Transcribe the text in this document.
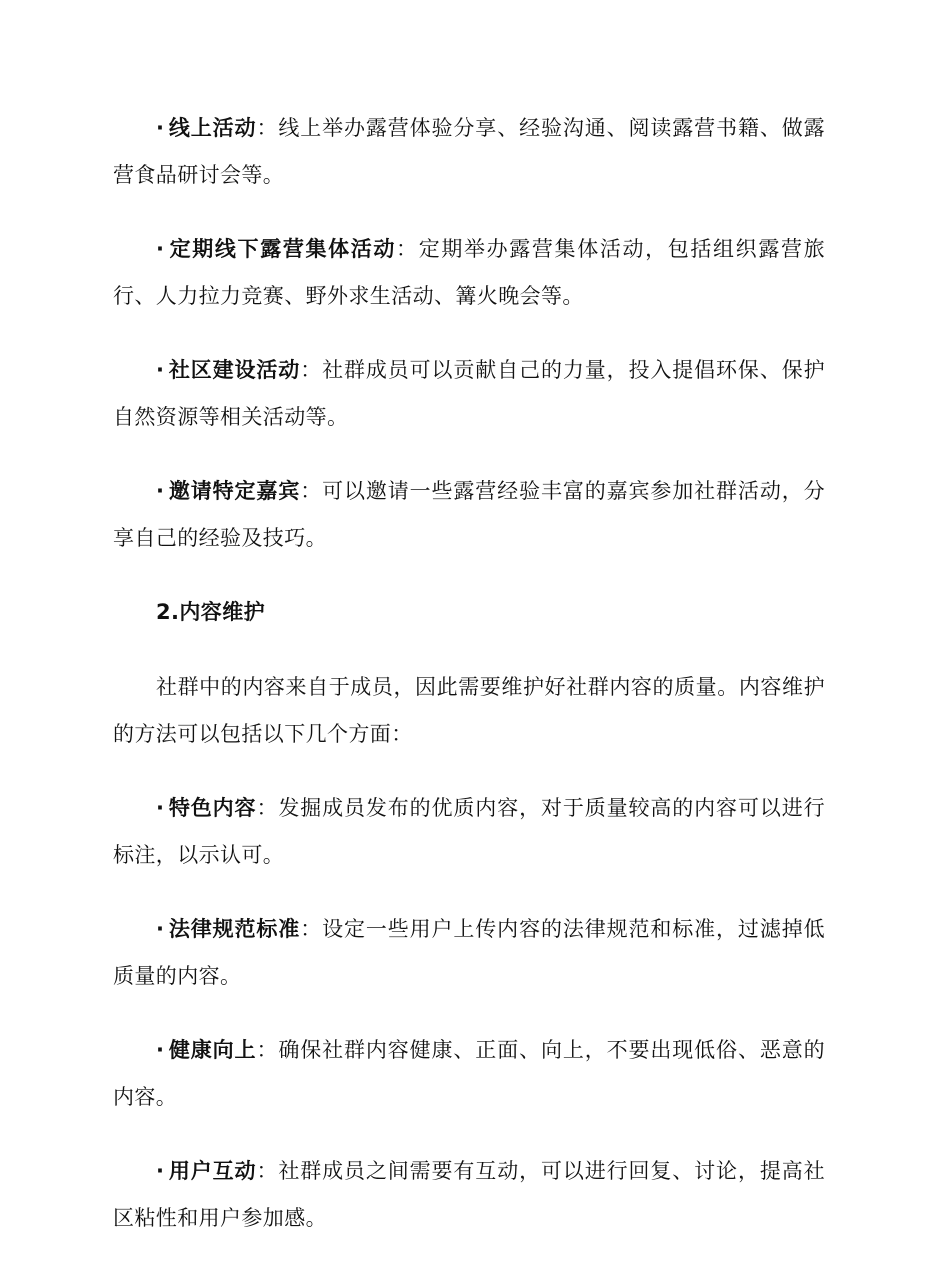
· 线上活动：线上举办露营体验分享、经验沟通、阅读露营书籍、做露营食品研讨会等。

· 定期线下露营集体活动：定期举办露营集体活动，包括组织露营旅行、人力拉力竞赛、野外求生活动、篝火晚会等。

· 社区建设活动：社群成员可以贡献自己的力量，投入提倡环保、保护自然资源等相关活动等。

· 邀请特定嘉宾：可以邀请一些露营经验丰富的嘉宾参加社群活动，分享自己的经验及技巧。

2.内容维护

社群中的内容来自于成员，因此需要维护好社群内容的质量。内容维护的方法可以包括以下几个方面：

· 特色内容：发掘成员发布的优质内容，对于质量较高的内容可以进行标注，以示认可。

· 法律规范标准：设定一些用户上传内容的法律规范和标准，过滤掉低质量的内容。

· 健康向上：确保社群内容健康、正面、向上，不要出现低俗、恶意的内容。

· 用户互动：社群成员之间需要有互动，可以进行回复、讨论，提高社区粘性和用户参加感。
